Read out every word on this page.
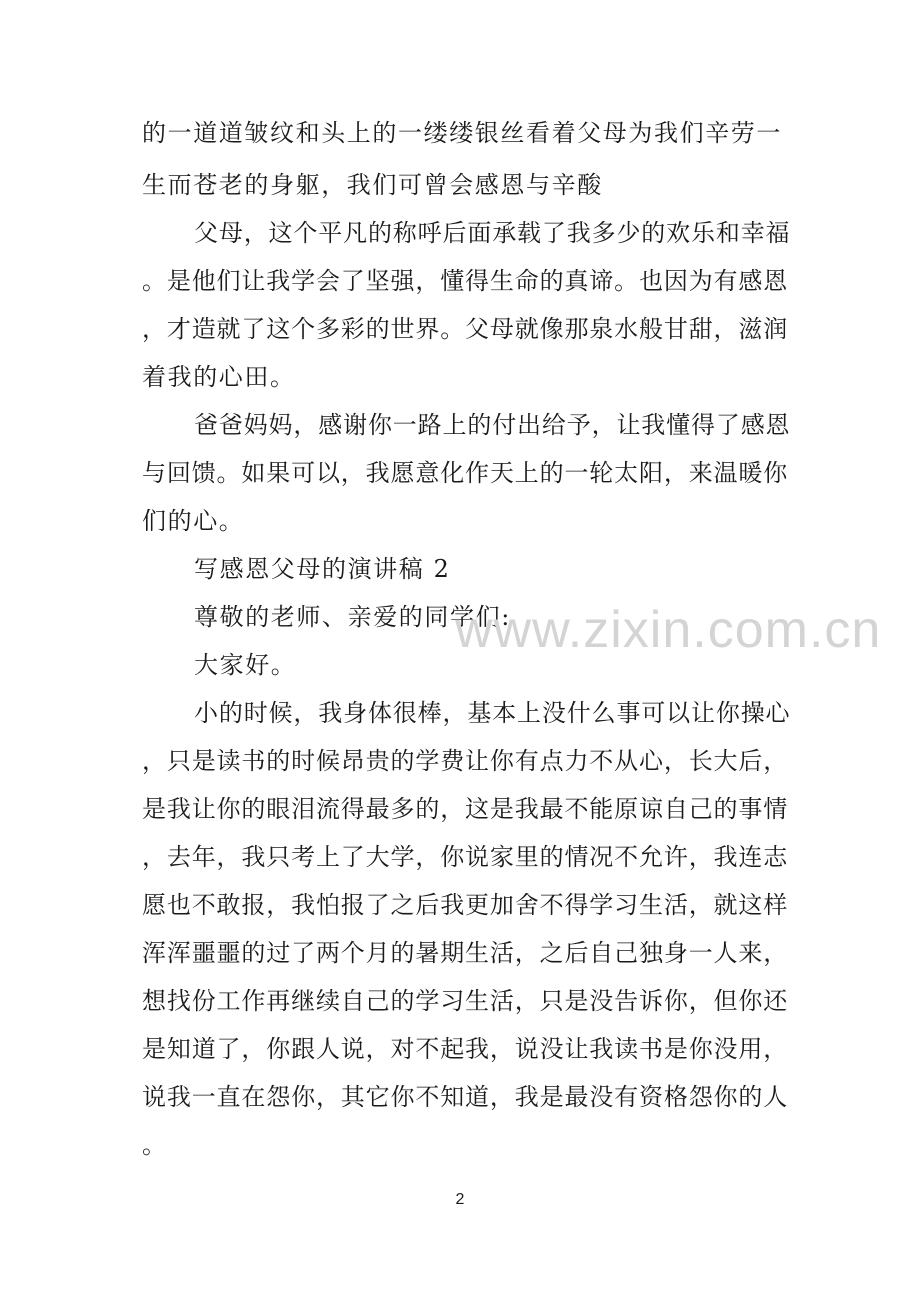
的一道道皱纹和头上的一缕缕银丝看着父母为我们辛劳一
生而苍老的身躯，我们可曾会感恩与辛酸
父母，这个平凡的称呼后面承载了我多少的欢乐和幸福
。是他们让我学会了坚强，懂得生命的真谛。也因为有感恩
，才造就了这个多彩的世界。父母就像那泉水般甘甜，滋润
着我的心田。
爸爸妈妈，感谢你一路上的付出给予，让我懂得了感恩
与回馈。如果可以，我愿意化作天上的一轮太阳，来温暖你
们的心。
写感恩父母的演讲稿 2
尊敬的老师、亲爱的同学们:
大家好。
小的时候，我身体很棒，基本上没什么事可以让你操心
，只是读书的时候昂贵的学费让你有点力不从心，长大后，
是我让你的眼泪流得最多的，这是我最不能原谅自己的事情
，去年，我只考上了大学，你说家里的情况不允许，我连志
愿也不敢报，我怕报了之后我更加舍不得学习生活，就这样
浑浑噩噩的过了两个月的暑期生活，之后自己独身一人来，
想找份工作再继续自己的学习生活，只是没告诉你，但你还
是知道了，你跟人说，对不起我，说没让我读书是你没用，
说我一直在怨你，其它你不知道，我是最没有资格怨你的人
。
www.zixin.com.cn
2
